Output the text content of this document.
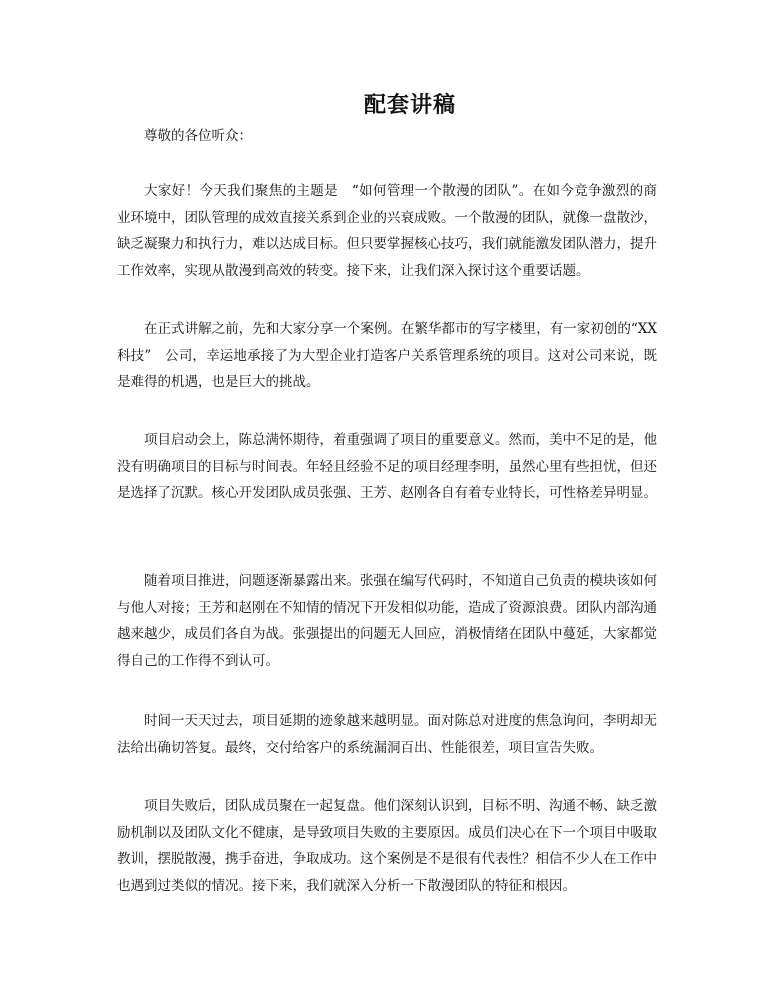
配套讲稿

尊敬的各位听众：

大家好！今天我们聚焦的主题是　“如何管理一个散漫的团队”。在如今竞争激烈的商业环境中，团队管理的成效直接关系到企业的兴衰成败。一个散漫的团队，就像一盘散沙，缺乏凝聚力和执行力，难以达成目标。但只要掌握核心技巧，我们就能激发团队潜力，提升工作效率，实现从散漫到高效的转变。接下来，让我们深入探讨这个重要话题。

在正式讲解之前，先和大家分享一个案例。在繁华都市的写字楼里，有一家初创的“XX 科技”　公司，幸运地承接了为大型企业打造客户关系管理系统的项目。这对公司来说，既是难得的机遇，也是巨大的挑战。

项目启动会上，陈总满怀期待，着重强调了项目的重要意义。然而，美中不足的是，他没有明确项目的目标与时间表。年轻且经验不足的项目经理李明，虽然心里有些担忧，但还是选择了沉默。核心开发团队成员张强、王芳、赵刚各自有着专业特长，可性格差异明显。

随着项目推进，问题逐渐暴露出来。张强在编写代码时，不知道自己负责的模块该如何与他人对接；王芳和赵刚在不知情的情况下开发相似功能，造成了资源浪费。团队内部沟通越来越少，成员们各自为战。张强提出的问题无人回应，消极情绪在团队中蔓延，大家都觉得自己的工作得不到认可。

时间一天天过去，项目延期的迹象越来越明显。面对陈总对进度的焦急询问，李明却无法给出确切答复。最终，交付给客户的系统漏洞百出、性能很差，项目宣告失败。

项目失败后，团队成员聚在一起复盘。他们深刻认识到，目标不明、沟通不畅、缺乏激励机制以及团队文化不健康，是导致项目失败的主要原因。成员们决心在下一个项目中吸取教训，摆脱散漫，携手奋进，争取成功。这个案例是不是很有代表性？相信不少人在工作中也遇到过类似的情况。接下来，我们就深入分析一下散漫团队的特征和根因。
